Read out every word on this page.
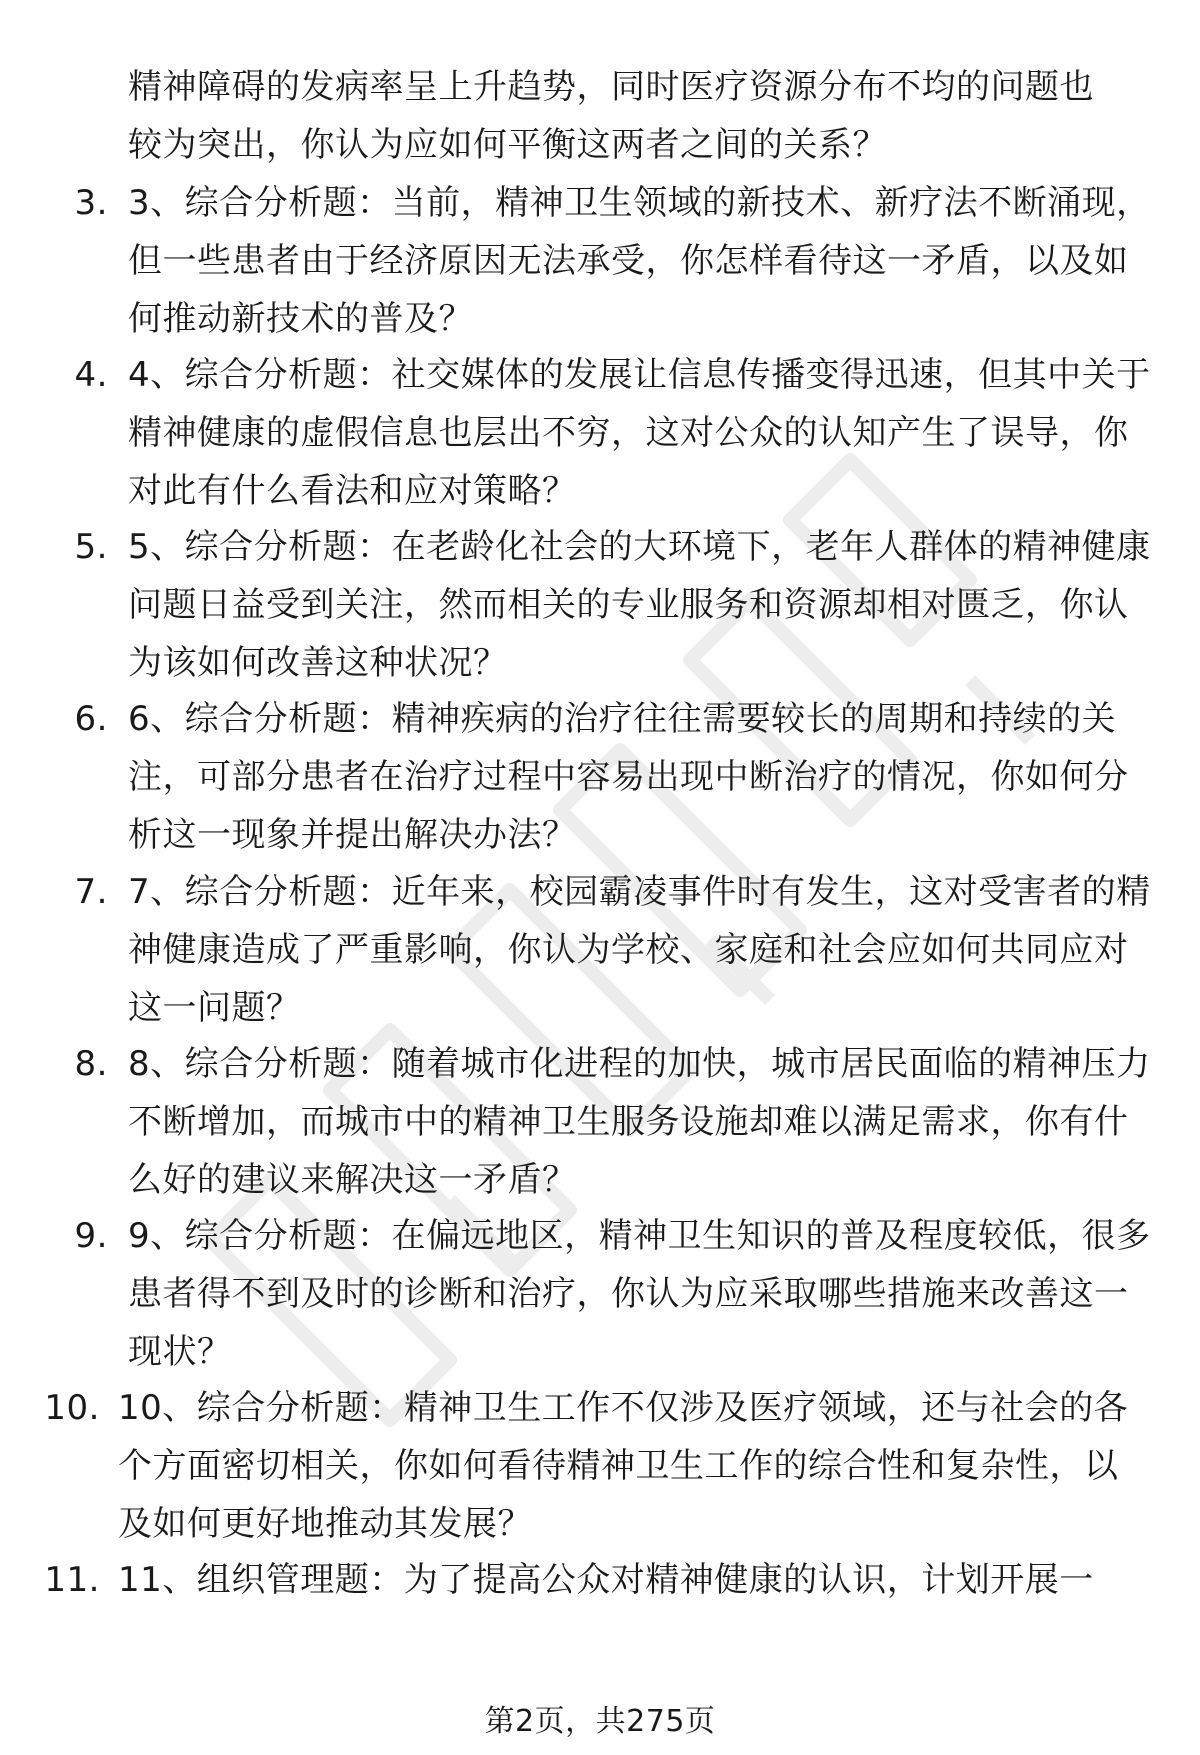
精神障碍的发病率呈上升趋势，同时医疗资源分布不均的问题也较为突出，你认为应如何平衡这两者之间的关系？
3. 3、综合分析题：当前，精神卫生领域的新技术、新疗法不断涌现，但一些患者由于经济原因无法承受，你怎样看待这一矛盾，以及如何推动新技术的普及？
4. 4、综合分析题：社交媒体的发展让信息传播变得迅速，但其中关于精神健康的虚假信息也层出不穷，这对公众的认知产生了误导，你对此有什么看法和应对策略？
5. 5、综合分析题：在老龄化社会的大环境下，老年人群体的精神健康问题日益受到关注，然而相关的专业服务和资源却相对匮乏，你认为该如何改善这种状况？
6. 6、综合分析题：精神疾病的治疗往往需要较长的周期和持续的关注，可部分患者在治疗过程中容易出现中断治疗的情况，你如何分析这一现象并提出解决办法？
7. 7、综合分析题：近年来，校园霸凌事件时有发生，这对受害者的精神健康造成了严重影响，你认为学校、家庭和社会应如何共同应对这一问题？
8. 8、综合分析题：随着城市化进程的加快，城市居民面临的精神压力不断增加，而城市中的精神卫生服务设施却难以满足需求，你有什么好的建议来解决这一矛盾？
9. 9、综合分析题：在偏远地区，精神卫生知识的普及程度较低，很多患者得不到及时的诊断和治疗，你认为应采取哪些措施来改善这一现状？
10. 10、综合分析题：精神卫生工作不仅涉及医疗领域，还与社会的各个方面密切相关，你如何看待精神卫生工作的综合性和复杂性，以及如何更好地推动其发展？
11. 11、组织管理题：为了提高公众对精神健康的认识，计划开展一
第2页，共275页
